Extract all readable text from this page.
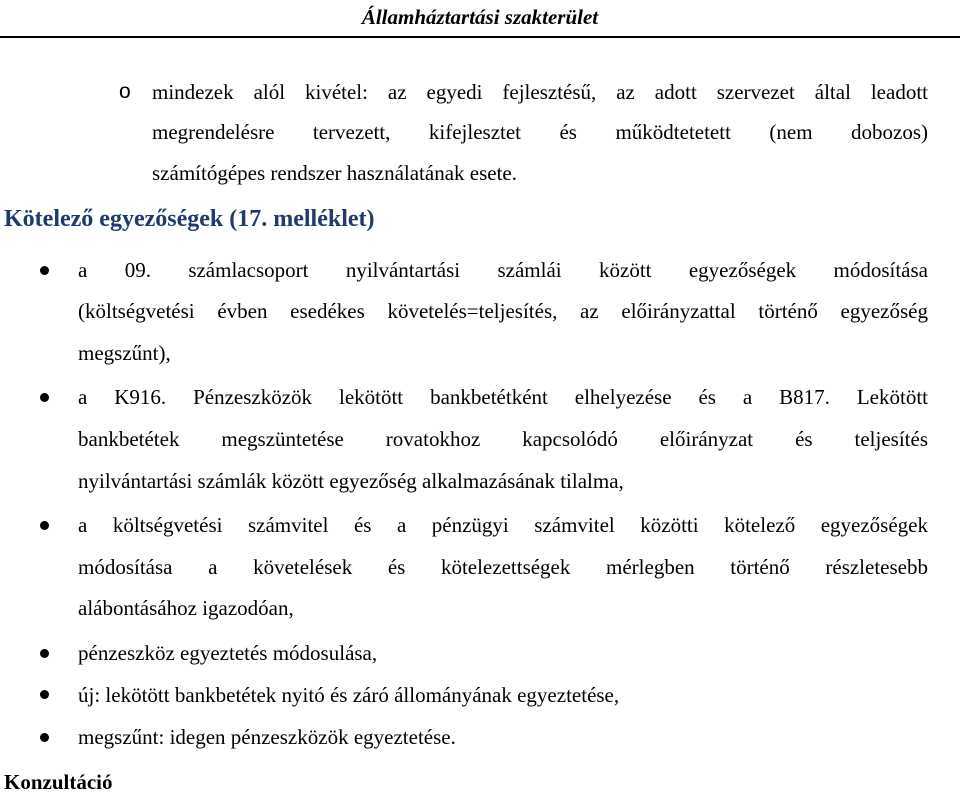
Államháztartási szakterület
o mindezek alól kivétel: az egyedi fejlesztésű, az adott szervezet által leadott
megrendelésre tervezett, kifejlesztet és működtetetett (nem dobozos)
számítógépes rendszer használatának esete.
Kötelező egyezőségek (17. melléklet)
a 09. számlacsoport nyilvántartási számlái között egyezőségek módosítása
(költségvetési évben esedékes követelés=teljesítés, az előirányzattal történő egyezőség
megszűnt),
a K916. Pénzeszközök lekötött bankbetétként elhelyezése és a B817. Lekötött
bankbetétek megszüntetése rovatokhoz kapcsolódó előirányzat és teljesítés
nyilvántartási számlák között egyezőség alkalmazásának tilalma,
a költségvetési számvitel és a pénzügyi számvitel közötti kötelező egyezőségek
módosítása a követelések és kötelezettségek mérlegben történő részletesebb
alábontásához igazodóan,
pénzeszköz egyeztetés módosulása,
új: lekötött bankbetétek nyitó és záró állományának egyeztetése,
megszűnt: idegen pénzeszközök egyeztetése.
Konzultáció
